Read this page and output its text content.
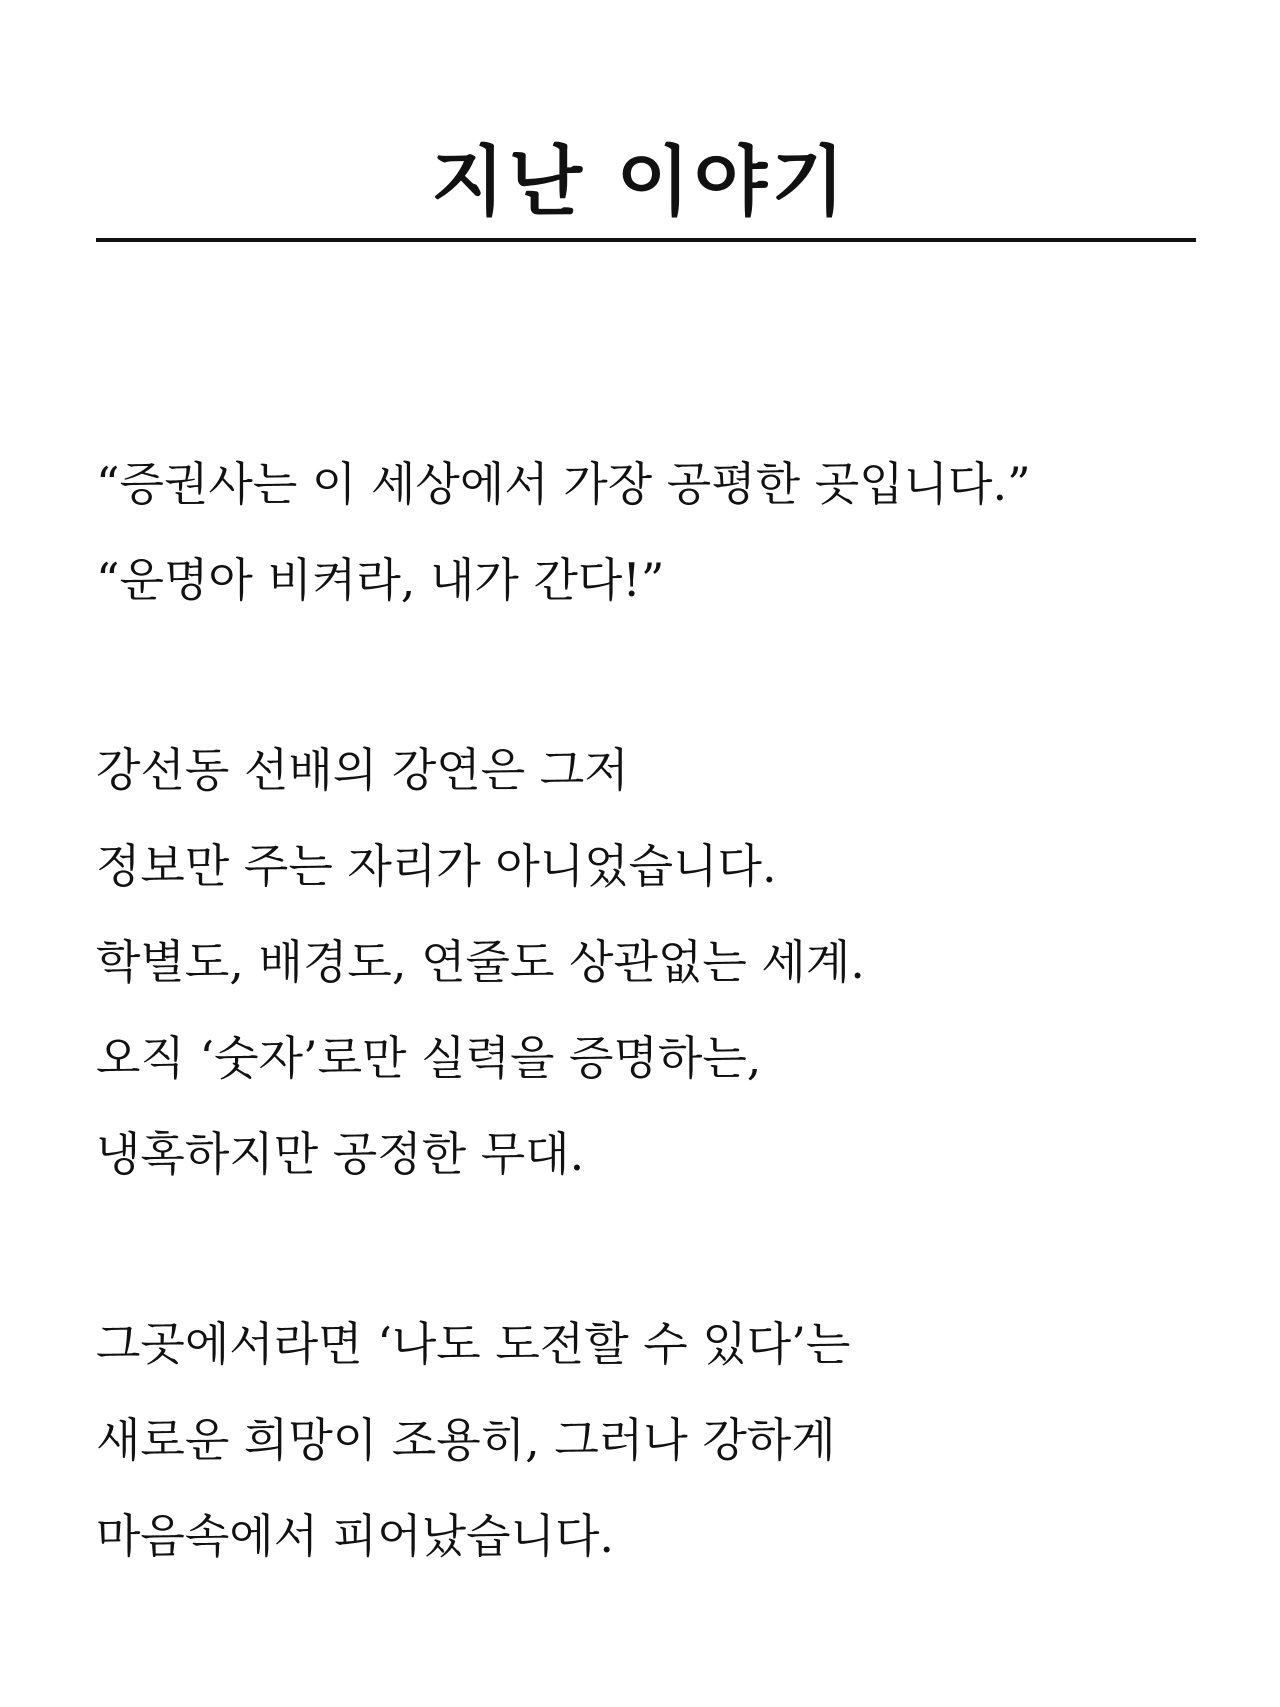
지난 이야기

“증권사는 이 세상에서 가장 공평한 곳입니다.”

“운명아 비켜라, 내가 간다!”

강선동 선배의 강연은 그저

정보만 주는 자리가 아니었습니다.

학별도, 배경도, 연줄도 상관없는 세계.

오직 ‘숫자’로만 실력을 증명하는,

냉혹하지만 공정한 무대.

그곳에서라면 ‘나도 도전할 수 있다’는

새로운 희망이 조용히, 그러나 강하게

마음속에서 피어났습니다.
